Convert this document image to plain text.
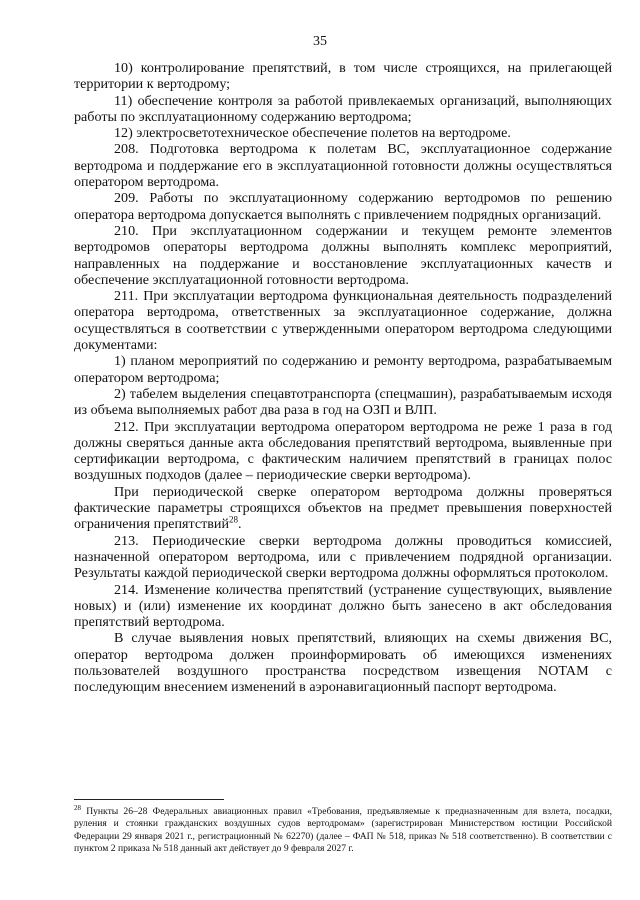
35

10) контролирование препятствий, в том числе строящихся, на прилегающей территории к вертодрому;

11) обеспечение контроля за работой привлекаемых организаций, выполняющих работы по эксплуатационному содержанию вертодрома;

12) электросветотехническое обеспечение полетов на вертодроме.

208. Подготовка вертодрома к полетам ВС, эксплуатационное содержание вертодрома и поддержание его в эксплуатационной готовности должны осуществляться оператором вертодрома.

209. Работы по эксплуатационному содержанию вертодромов по решению оператора вертодрома допускается выполнять с привлечением подрядных организаций.

210. При эксплуатационном содержании и текущем ремонте элементов вертодромов операторы вертодрома должны выполнять комплекс мероприятий, направленных на поддержание и восстановление эксплуатационных качеств и обеспечение эксплуатационной готовности вертодрома.

211. При эксплуатации вертодрома функциональная деятельность подразделений оператора вертодрома, ответственных за эксплуатационное содержание, должна осуществляться в соответствии с утвержденными оператором вертодрома следующими документами:

1) планом мероприятий по содержанию и ремонту вертодрома, разрабатываемым оператором вертодрома;

2) табелем выделения спецавтотранспорта (спецмашин), разрабатываемым исходя из объема выполняемых работ два раза в год на ОЗП и ВЛП.

212. При эксплуатации вертодрома оператором вертодрома не реже 1 раза в год должны сверяться данные акта обследования препятствий вертодрома, выявленные при сертификации вертодрома, с фактическим наличием препятствий в границах полос воздушных подходов (далее – периодические сверки вертодрома).

При периодической сверке оператором вертодрома должны проверяться фактические параметры строящихся объектов на предмет превышения поверхностей ограничения препятствий$^{28}$.

213. Периодические сверки вертодрома должны проводиться комиссией, назначенной оператором вертодрома, или с привлечением подрядной организации. Результаты каждой периодической сверки вертодрома должны оформляться протоколом.

214. Изменение количества препятствий (устранение существующих, выявление новых) и (или) изменение их координат должно быть занесено в акт обследования препятствий вертодрома.

В случае выявления новых препятствий, влияющих на схемы движения ВС, оператор вертодрома должен проинформировать об имеющихся изменениях пользователей воздушного пространства посредством извещения NOTAM с последующим внесением изменений в аэронавигационный паспорт вертодрома.

$^{28}$ Пункты 26–28 Федеральных авиационных правил «Требования, предъявляемые к предназначенным для взлета, посадки, руления и стоянки гражданских воздушных судов вертодромам» (зарегистрирован Министерством юстиции Российской Федерации 29 января 2021 г., регистрационный № 62270) (далее – ФАП № 518, приказ № 518 соответственно). В соответствии с пунктом 2 приказа № 518 данный акт действует до 9 февраля 2027 г.
